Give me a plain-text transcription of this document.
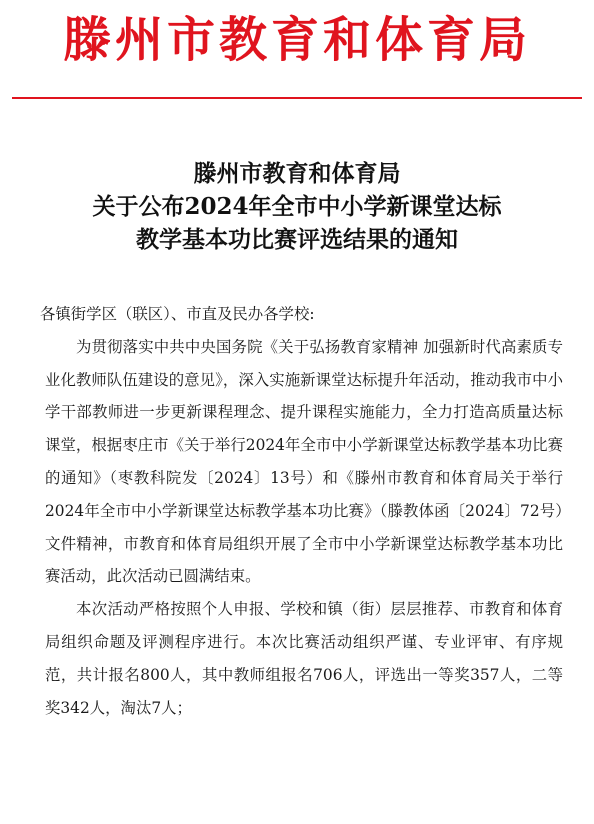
滕州市教育和体育局
滕州市教育和体育局
关于公布2024年全市中小学新课堂达标
教学基本功比赛评选结果的通知
各镇街学区（联区）、市直及民办各学校:

为贯彻落实中共中央国务院《关于弘扬教育家精神 加强新时代高素质专业化教师队伍建设的意见》，深入实施新课堂达标提升年活动，推动我市中小学干部教师进一步更新课程理念、提升课程实施能力，全力打造高质量达标课堂，根据枣庄市《关于举行2024年全市中小学新课堂达标教学基本功比赛的通知》（枣教科院发〔2024〕13号）和《滕州市教育和体育局关于举行2024年全市中小学新课堂达标教学基本功比赛》（滕教体函〔2024〕72号）文件精神，市教育和体育局组织开展了全市中小学新课堂达标教学基本功比赛活动，此次活动已圆满结束。

本次活动严格按照个人申报、学校和镇（街）层层推荐、市教育和体育局组织命题及评测程序进行。本次比赛活动组织严谨、专业评审、有序规范，共计报名800人，其中教师组报名706人，评选出一等奖357人，二等奖342人，淘汰7人；
